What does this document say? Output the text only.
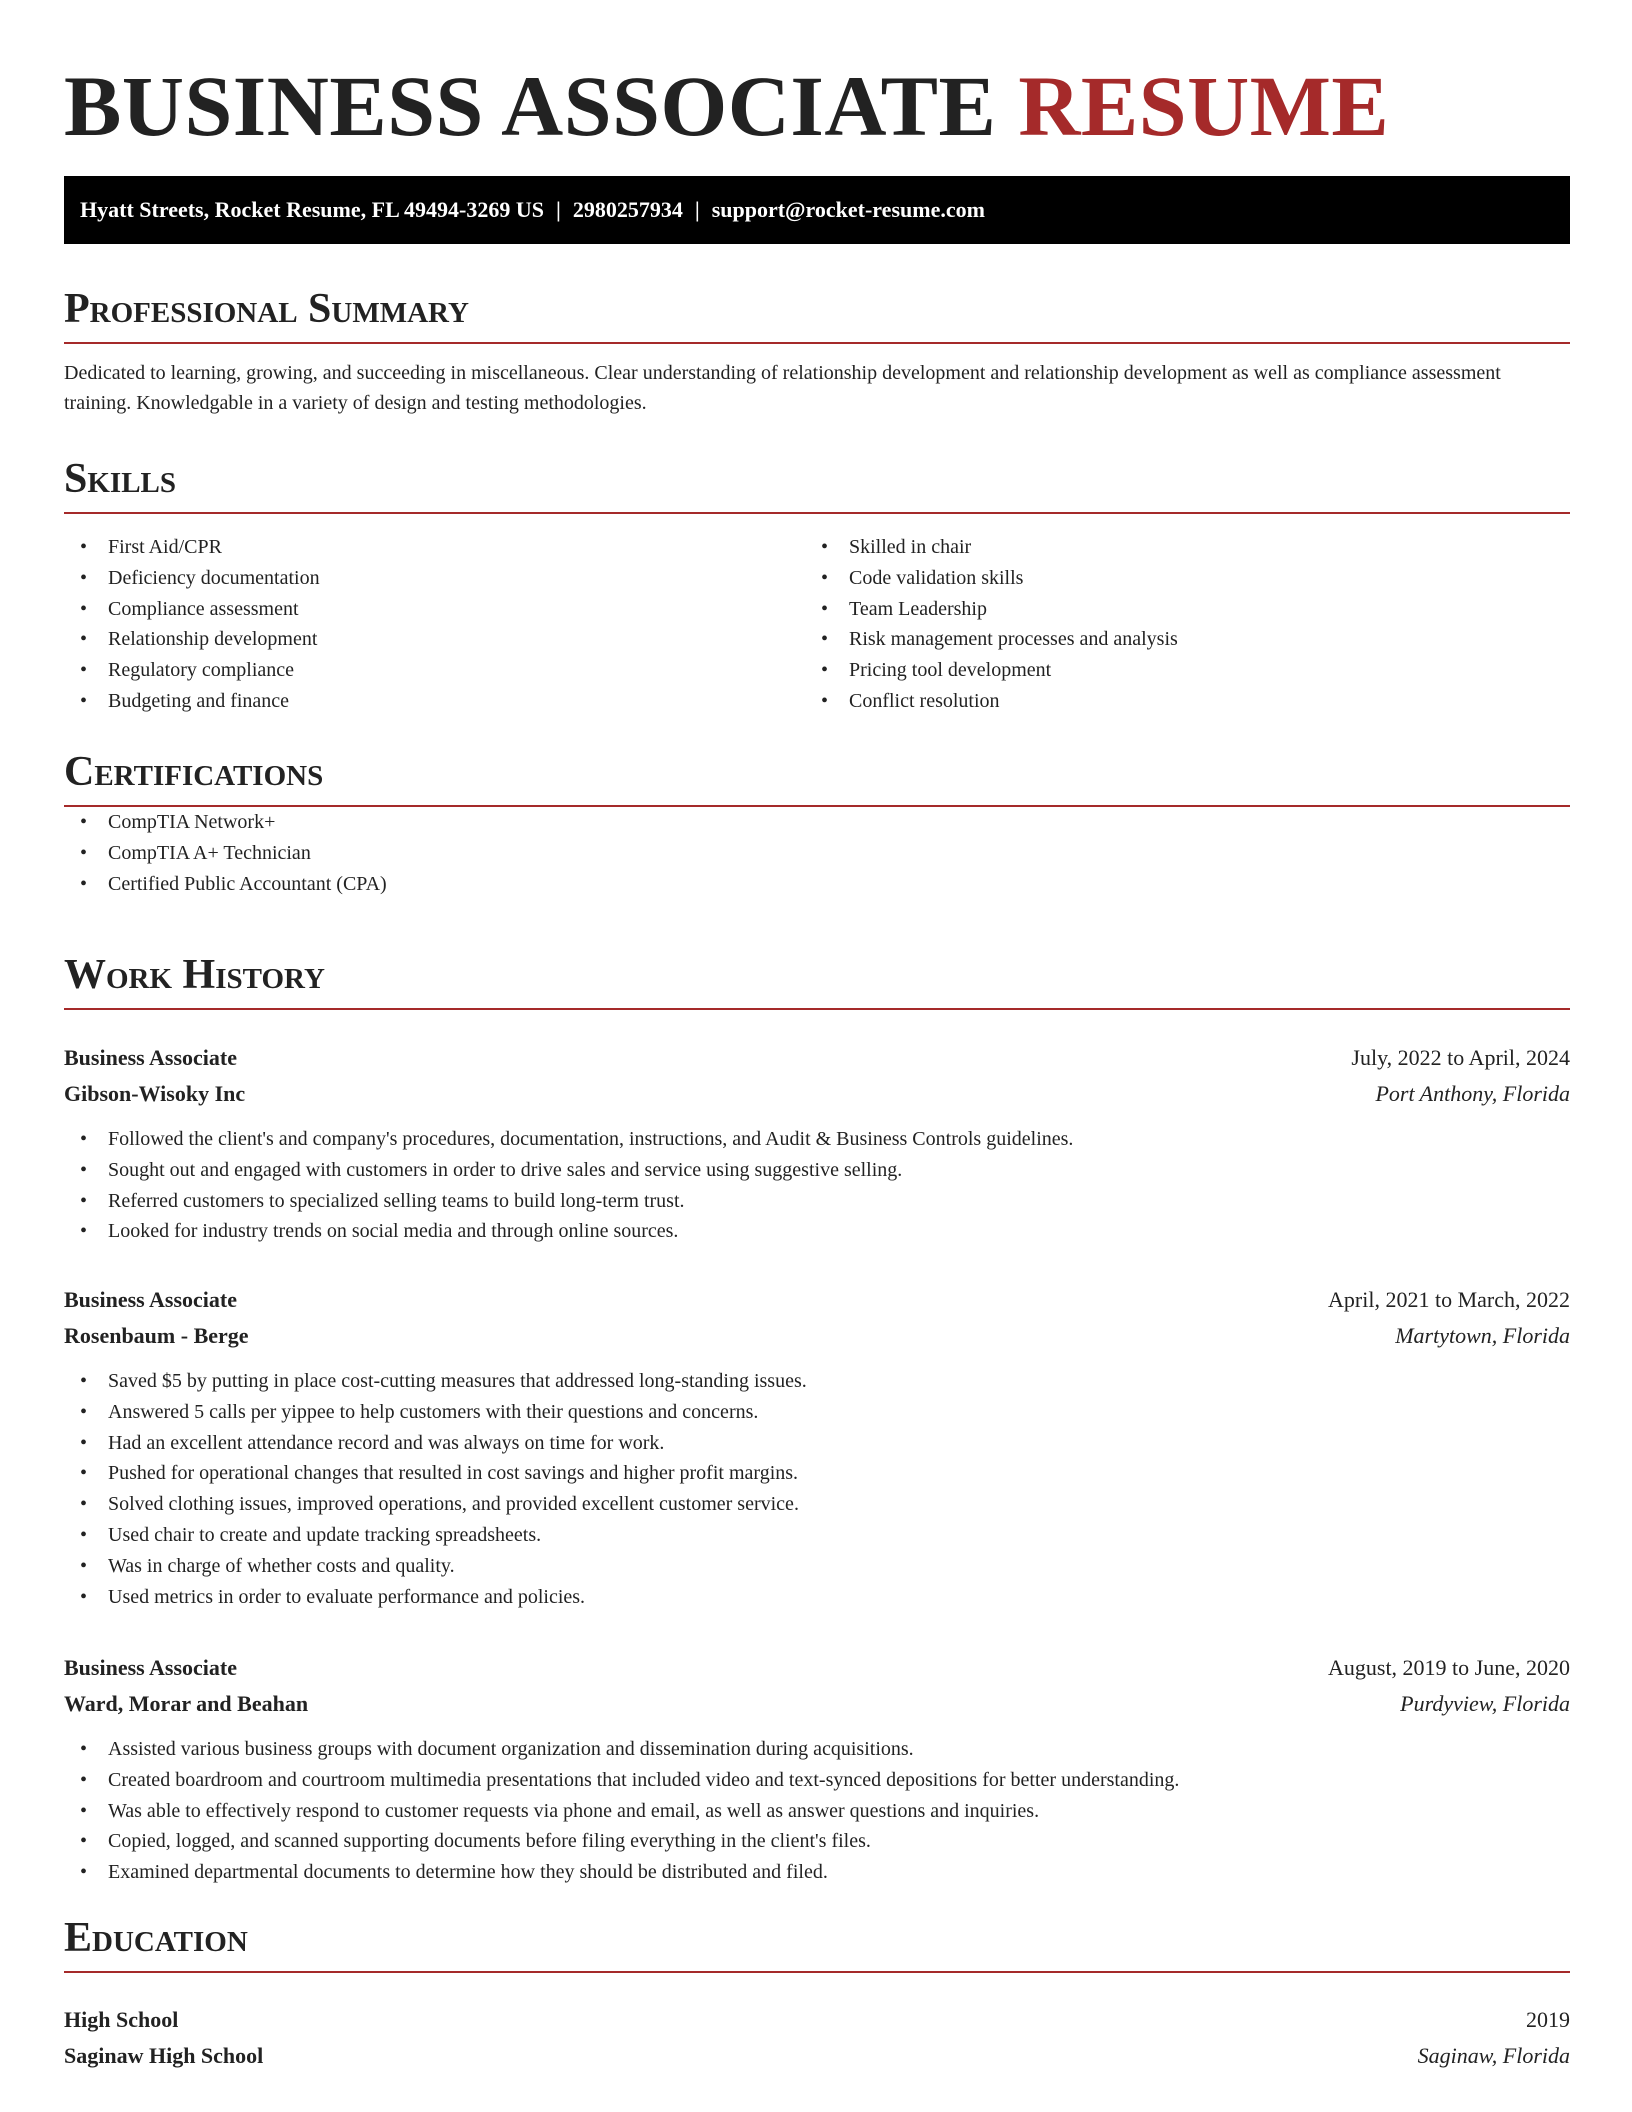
BUSINESS ASSOCIATE RESUME
Hyatt Streets, Rocket Resume, FL 49494-3269 US | 2980257934 | support@rocket-resume.com
Professional Summary

Dedicated to learning, growing, and succeeding in miscellaneous. Clear understanding of relationship development and relationship development as well as compliance assessment training. Knowledgable in a variety of design and testing methodologies.

Skills
• First Aid/CPR
• Deficiency documentation
• Compliance assessment
• Relationship development
• Regulatory compliance
• Budgeting and finance
• Skilled in chair
• Code validation skills
• Team Leadership
• Risk management processes and analysis
• Pricing tool development
• Conflict resolution
Certifications
• CompTIA Network+
• CompTIA A+ Technician
• Certified Public Accountant (CPA)
Work History
Business Associate	July, 2022 to April, 2024
Gibson-Wisoky Inc	Port Anthony, Florida
• Followed the client's and company's procedures, documentation, instructions, and Audit & Business Controls guidelines.
• Sought out and engaged with customers in order to drive sales and service using suggestive selling.
• Referred customers to specialized selling teams to build long-term trust.
• Looked for industry trends on social media and through online sources.
Business Associate	April, 2021 to March, 2022
Rosenbaum - Berge	Martytown, Florida
• Saved $5 by putting in place cost-cutting measures that addressed long-standing issues.
• Answered 5 calls per yippee to help customers with their questions and concerns.
• Had an excellent attendance record and was always on time for work.
• Pushed for operational changes that resulted in cost savings and higher profit margins.
• Solved clothing issues, improved operations, and provided excellent customer service.
• Used chair to create and update tracking spreadsheets.
• Was in charge of whether costs and quality.
• Used metrics in order to evaluate performance and policies.
Business Associate	August, 2019 to June, 2020
Ward, Morar and Beahan	Purdyview, Florida
• Assisted various business groups with document organization and dissemination during acquisitions.
• Created boardroom and courtroom multimedia presentations that included video and text-synced depositions for better understanding.
• Was able to effectively respond to customer requests via phone and email, as well as answer questions and inquiries.
• Copied, logged, and scanned supporting documents before filing everything in the client's files.
• Examined departmental documents to determine how they should be distributed and filed.
Education
High School	2019
Saginaw High School	Saginaw, Florida
